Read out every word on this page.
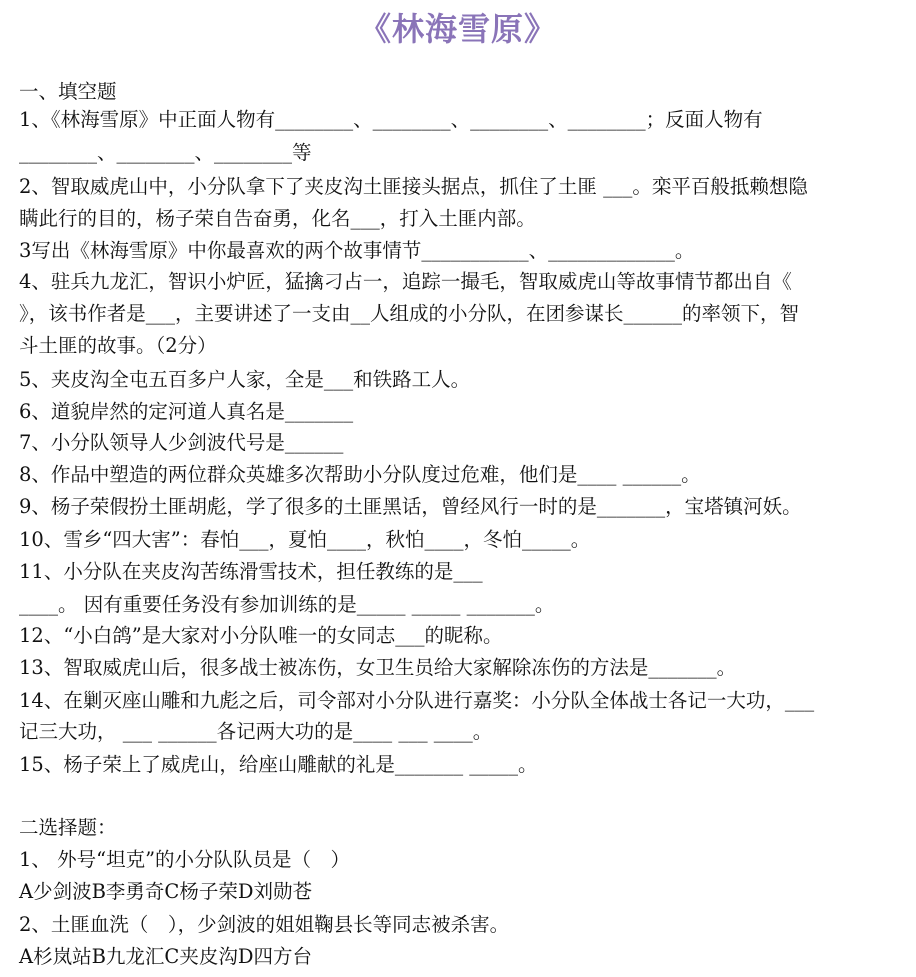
《林海雪原》
一、填空题
1、《林海雪原》中正面人物有________、________、________、________；反面人物有
________、________、________等
2、智取威虎山中，小分队拿下了夹皮沟土匪接头据点，抓住了土匪 ___。栾平百般抵赖想隐
瞒此行的目的，杨子荣自告奋勇，化名___，打入土匪内部。
3写出《林海雪原》中你最喜欢的两个故事情节___________、_____________。
4、驻兵九龙汇，智识小炉匠，猛擒刁占一，追踪一撮毛，智取威虎山等故事情节都出自《
》，该书作者是___，主要讲述了一支由__人组成的小分队，在团参谋长______的率领下，智
斗土匪的故事。（2分）
5、夹皮沟全屯五百多户人家，全是___和铁路工人。
6、道貌岸然的定河道人真名是_______
7、小分队领导人少剑波代号是______
8、作品中塑造的两位群众英雄多次帮助小分队度过危难，他们是____ ______。
9、杨子荣假扮土匪胡彪，学了很多的土匪黑话，曾经风行一时的是_______，宝塔镇河妖。
10、雪乡“四大害”：春怕___，夏怕____，秋怕____，冬怕_____。
11、小分队在夹皮沟苦练滑雪技术，担任教练的是___
____。 因有重要任务没有参加训练的是_____ _____ _______。
12、“小白鸽”是大家对小分队唯一的女同志___的昵称。
13、智取威虎山后，很多战士被冻伤，女卫生员给大家解除冻伤的方法是_______。
14、在剿灭座山雕和九彪之后，司令部对小分队进行嘉奖：小分队全体战士各记一大功，___
记三大功， ___ ______各记两大功的是____ ___ ____。
15、杨子荣上了威虎山，给座山雕献的礼是_______ _____。
二选择题：
1、 外号“坦克”的小分队队员是（　）
A少剑波B李勇奇C杨子荣D刘勋苍
2、土匪血洗（　），少剑波的姐姐鞠县长等同志被杀害。
A杉岚站B九龙汇C夹皮沟D四方台
